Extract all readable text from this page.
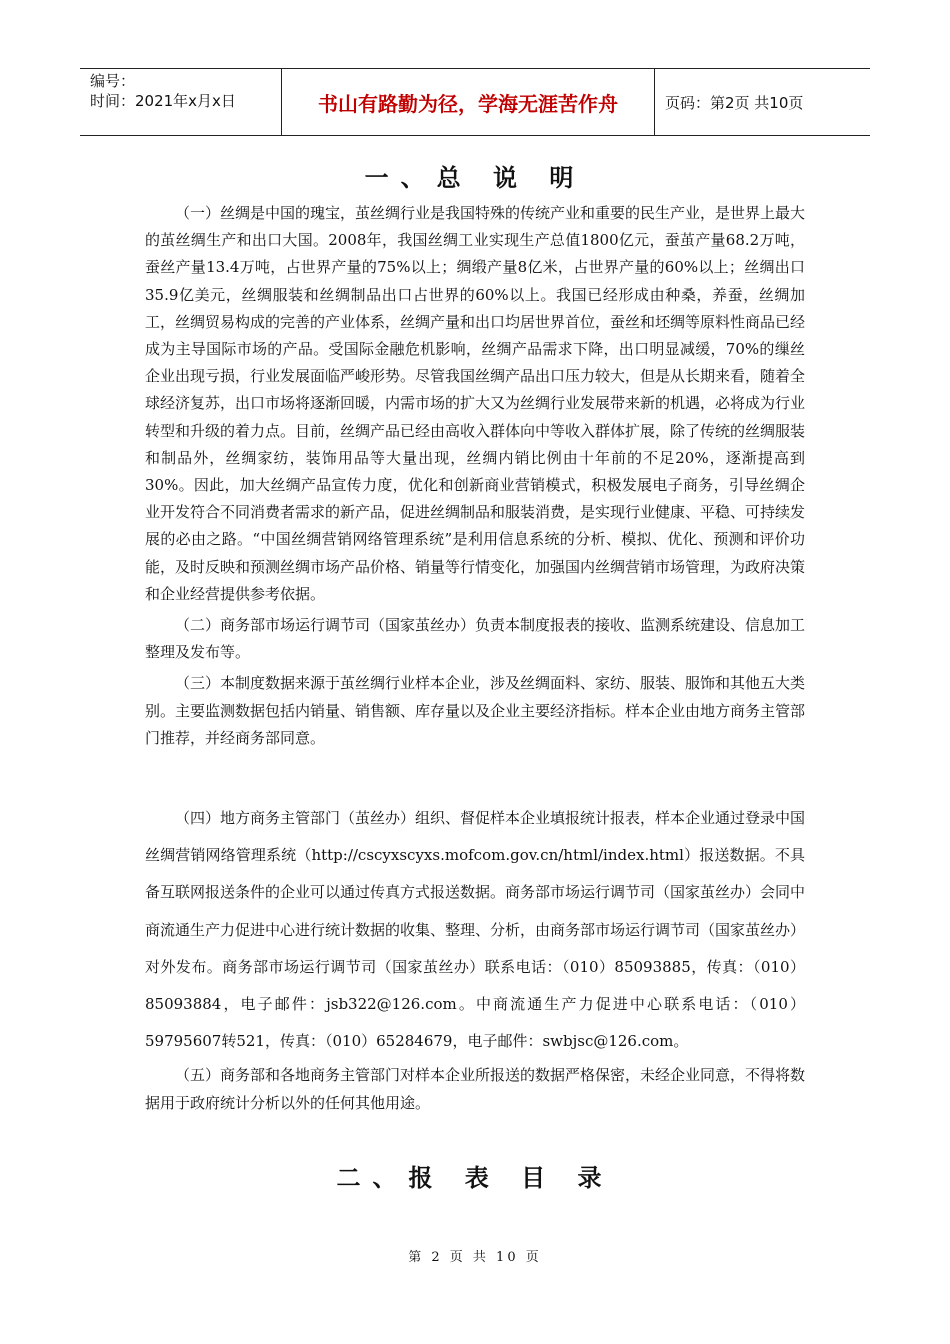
编号：
时间：2021年x月x日	书山有路勤为径，学海无涯苦作舟	页码：第2页 共10页
一、总 说 明

（一）丝绸是中国的瑰宝，茧丝绸行业是我国特殊的传统产业和重要的民生产业，是世界上最大的茧丝绸生产和出口大国。2008年，我国丝绸工业实现生产总值1800亿元，蚕茧产量68.2万吨，蚕丝产量13.4万吨，占世界产量的75%以上；绸缎产量8亿米，占世界产量的60%以上；丝绸出口35.9亿美元，丝绸服装和丝绸制品出口占世界的60%以上。我国已经形成由种桑，养蚕，丝绸加工，丝绸贸易构成的完善的产业体系，丝绸产量和出口均居世界首位，蚕丝和坯绸等原料性商品已经成为主导国际市场的产品。受国际金融危机影响，丝绸产品需求下降，出口明显减缓，70%的缫丝企业出现亏损，行业发展面临严峻形势。尽管我国丝绸产品出口压力较大，但是从长期来看，随着全球经济复苏，出口市场将逐渐回暖，内需市场的扩大又为丝绸行业发展带来新的机遇，必将成为行业转型和升级的着力点。目前，丝绸产品已经由高收入群体向中等收入群体扩展，除了传统的丝绸服装和制品外，丝绸家纺，装饰用品等大量出现，丝绸内销比例由十年前的不足20%，逐渐提高到30%。因此，加大丝绸产品宣传力度，优化和创新商业营销模式，积极发展电子商务，引导丝绸企业开发符合不同消费者需求的新产品，促进丝绸制品和服装消费，是实现行业健康、平稳、可持续发展的必由之路。“中国丝绸营销网络管理系统”是利用信息系统的分析、模拟、优化、预测和评价功能，及时反映和预测丝绸市场产品价格、销量等行情变化，加强国内丝绸营销市场管理，为政府决策和企业经营提供参考依据。

（二）商务部市场运行调节司（国家茧丝办）负责本制度报表的接收、监测系统建设、信息加工整理及发布等。

（三）本制度数据来源于茧丝绸行业样本企业，涉及丝绸面料、家纺、服装、服饰和其他五大类别。主要监测数据包括内销量、销售额、库存量以及企业主要经济指标。样本企业由地方商务主管部门推荐，并经商务部同意。

（四）地方商务主管部门（茧丝办）组织、督促样本企业填报统计报表，样本企业通过登录中国丝绸营销网络管理系统（http://cscyxscyxs.mofcom.gov.cn/html/index.html）报送数据。不具备互联网报送条件的企业可以通过传真方式报送数据。商务部市场运行调节司（国家茧丝办）会同中商流通生产力促进中心进行统计数据的收集、整理、分析，由商务部市场运行调节司（国家茧丝办）对外发布。商务部市场运行调节司（国家茧丝办）联系电话：（010）85093885，传真：（010）85093884，电子邮件：jsb322@126.com。中商流通生产力促进中心联系电话：（010）59795607转521，传真：（010）65284679，电子邮件：swbjsc@126.com。

（五）商务部和各地商务主管部门对样本企业所报送的数据严格保密，未经企业同意，不得将数据用于政府统计分析以外的任何其他用途。

二、报 表 目 录
第 2 页 共 10 页
